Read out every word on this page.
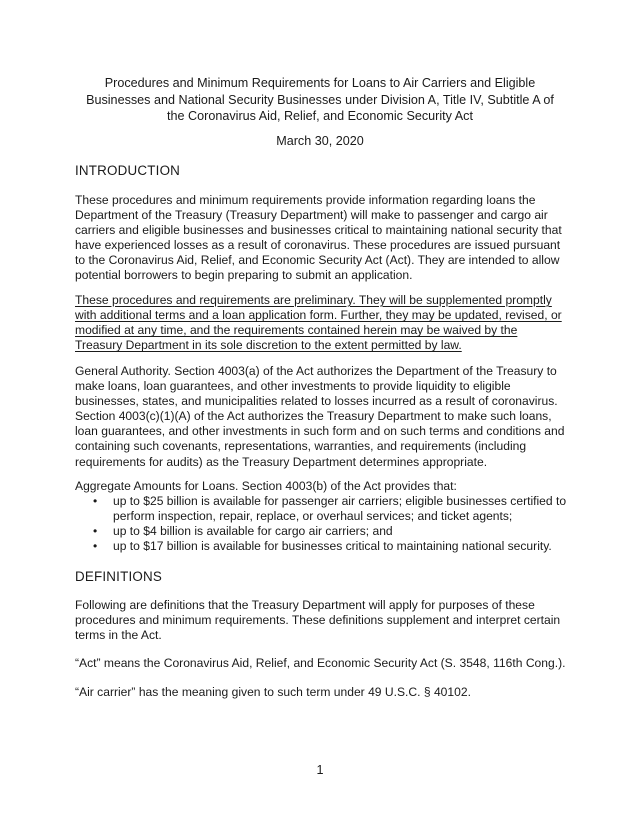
Procedures and Minimum Requirements for Loans to Air Carriers and Eligible
Businesses and National Security Businesses under Division A, Title IV, Subtitle A of
the Coronavirus Aid, Relief, and Economic Security Act
March 30, 2020
INTRODUCTION

These procedures and minimum requirements provide information regarding loans the Department of the Treasury (Treasury Department) will make to passenger and cargo air carriers and eligible businesses and businesses critical to maintaining national security that have experienced losses as a result of coronavirus. These procedures are issued pursuant to the Coronavirus Aid, Relief, and Economic Security Act (Act). They are intended to allow potential borrowers to begin preparing to submit an application.

These procedures and requirements are preliminary. They will be supplemented promptly with additional terms and a loan application form. Further, they may be updated, revised, or modified at any time, and the requirements contained herein may be waived by the Treasury Department in its sole discretion to the extent permitted by law.

General Authority. Section 4003(a) of the Act authorizes the Department of the Treasury to make loans, loan guarantees, and other investments to provide liquidity to eligible businesses, states, and municipalities related to losses incurred as a result of coronavirus. Section 4003(c)(1)(A) of the Act authorizes the Treasury Department to make such loans, loan guarantees, and other investments in such form and on such terms and conditions and containing such covenants, representations, warranties, and requirements (including requirements for audits) as the Treasury Department determines appropriate.

Aggregate Amounts for Loans. Section 4003(b) of the Act provides that:

• up to $25 billion is available for passenger air carriers; eligible businesses certified to perform inspection, repair, replace, or overhaul services; and ticket agents;
• up to $4 billion is available for cargo air carriers; and
• up to $17 billion is available for businesses critical to maintaining national security.
DEFINITIONS

Following are definitions that the Treasury Department will apply for purposes of these procedures and minimum requirements. These definitions supplement and interpret certain terms in the Act.

“Act” means the Coronavirus Aid, Relief, and Economic Security Act (S. 3548, 116th Cong.).

“Air carrier” has the meaning given to such term under 49 U.S.C. § 40102.

1
